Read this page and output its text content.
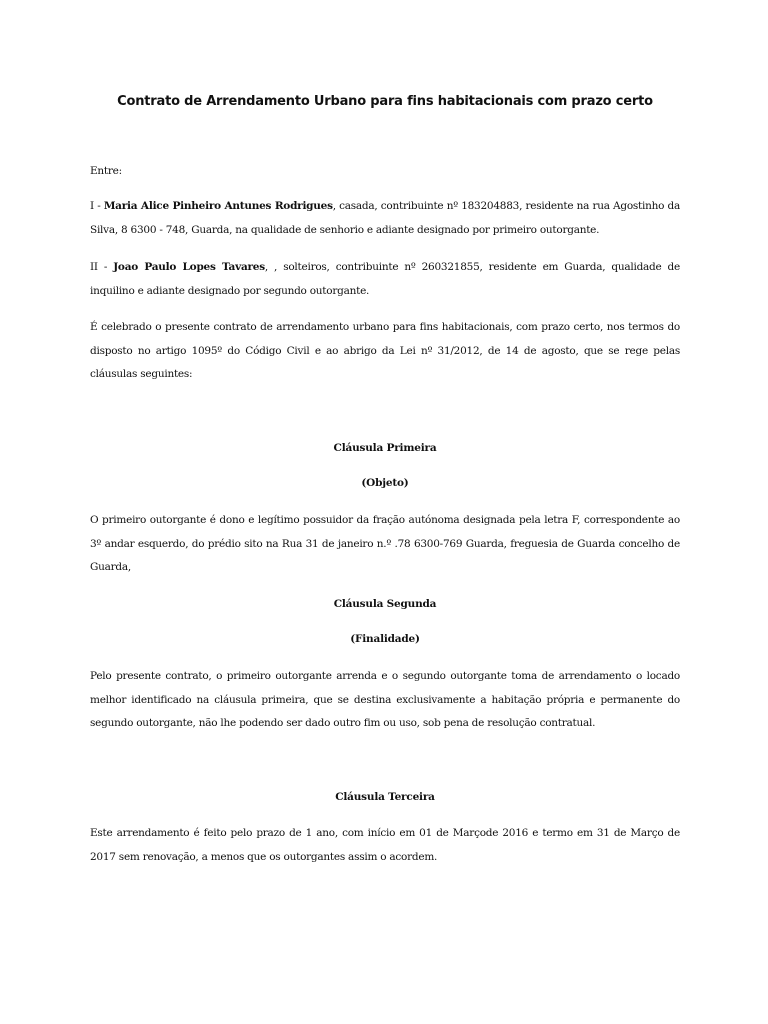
Contrato de Arrendamento Urbano para fins habitacionais com prazo certo
Entre:
I - Maria Alice Pinheiro Antunes Rodrigues, casada, contribuinte nº 183204883, residente na rua Agostinho da Silva, 8 6300 - 748, Guarda, na qualidade de senhorio e adiante designado por primeiro outorgante.
II - Joao Paulo Lopes Tavares, , solteiros, contribuinte nº 260321855, residente em Guarda, qualidade de inquilino e adiante designado por segundo outorgante.
É celebrado o presente contrato de arrendamento urbano para fins habitacionais, com prazo certo, nos termos do disposto no artigo 1095º do Código Civil e ao abrigo da Lei nº 31/2012, de 14 de agosto, que se rege pelas cláusulas seguintes:
Cláusula Primeira
(Objeto)
O primeiro outorgante é dono e legítimo possuidor da fração autónoma designada pela letra F, correspondente ao 3º andar esquerdo, do prédio sito na Rua 31 de janeiro n.º .78 6300-769 Guarda, freguesia de Guarda concelho de Guarda,
Cláusula Segunda
(Finalidade)
Pelo presente contrato, o primeiro outorgante arrenda e o segundo outorgante toma de arrendamento o locado melhor identificado na cláusula primeira, que se destina exclusivamente a habitação própria e permanente do segundo outorgante, não lhe podendo ser dado outro fim ou uso, sob pena de resolução contratual.
Cláusula Terceira
Este arrendamento é feito pelo prazo de 1 ano, com início em 01 de Marçode 2016 e termo em 31 de Março de 2017 sem renovação, a menos que os outorgantes assim o acordem.
